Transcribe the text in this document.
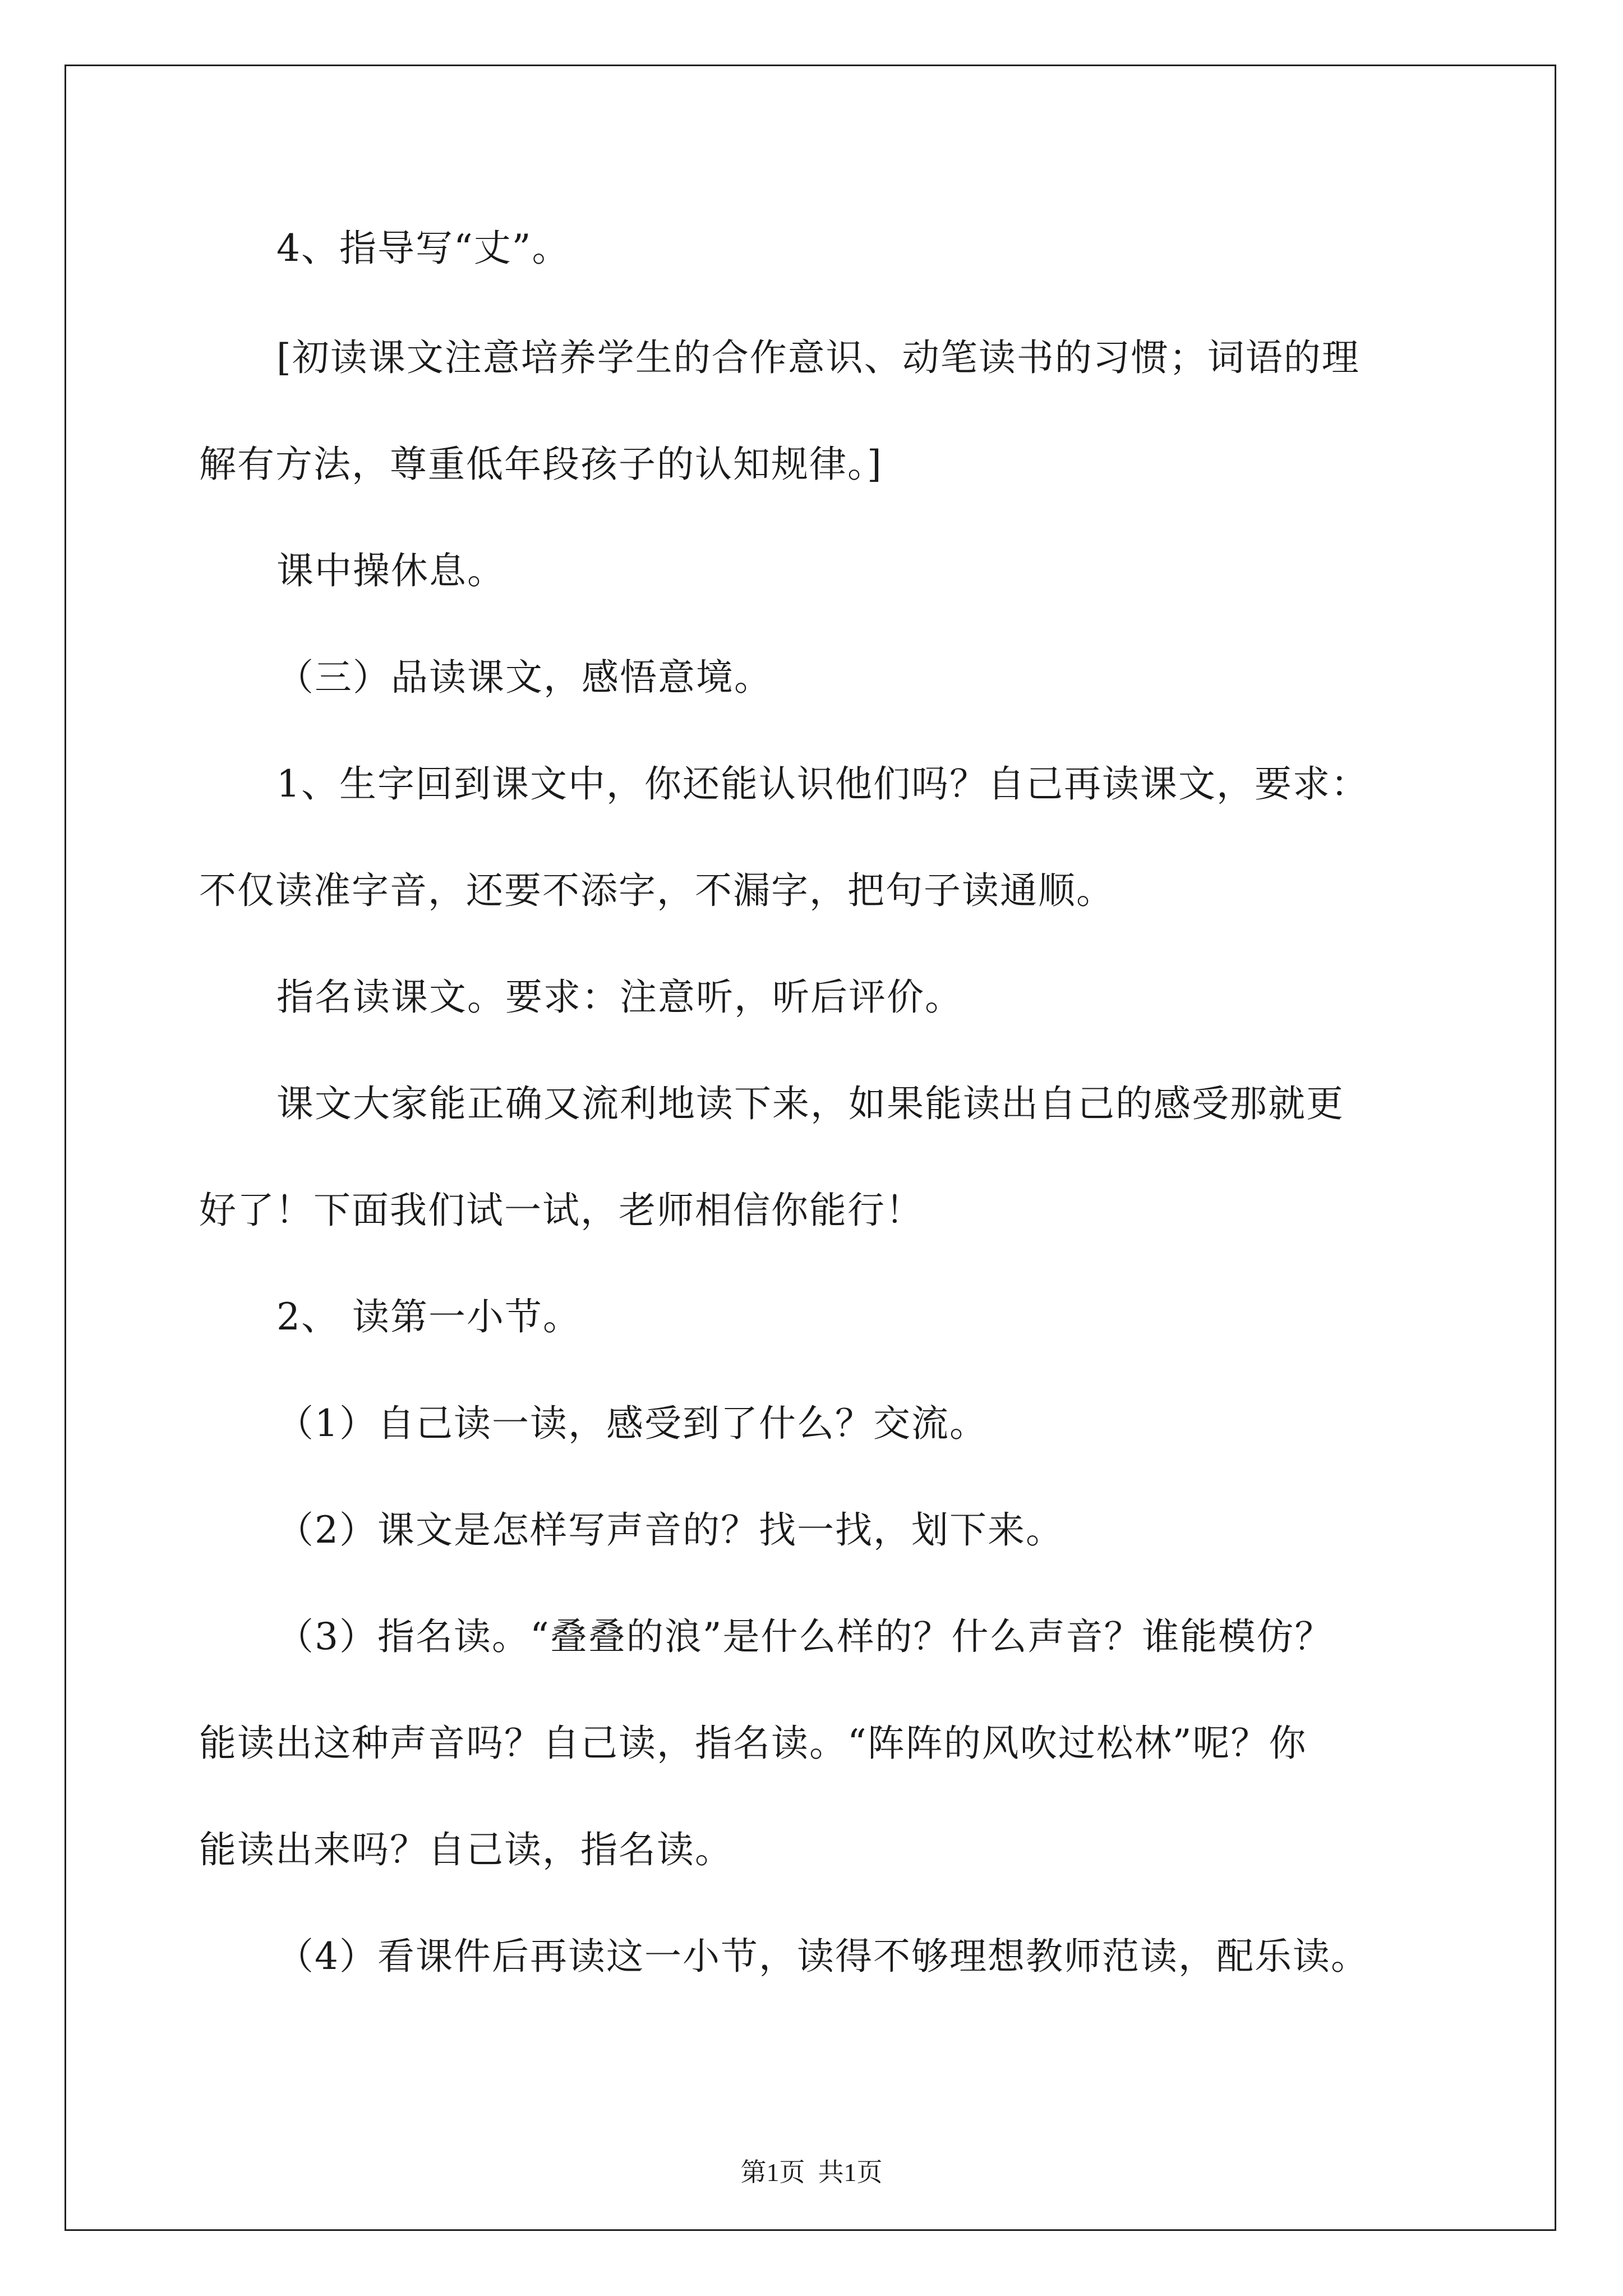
4、指导写“丈”。
[初读课文注意培养学生的合作意识、动笔读书的习惯；词语的理
解有方法，尊重低年段孩子的认知规律。]
课中操休息。
（三）品读课文，感悟意境。
1、生字回到课文中，你还能认识他们吗？自己再读课文，要求：
不仅读准字音，还要不添字，不漏字，把句子读通顺。
指名读课文。要求：注意听，听后评价。
课文大家能正确又流利地读下来，如果能读出自己的感受那就更
好了！下面我们试一试，老师相信你能行！
2、 读第一小节。
（1）自己读一读，感受到了什么？交流。
（2）课文是怎样写声音的？找一找，划下来。
（3）指名读。“叠叠的浪”是什么样的？什么声音？谁能模仿？
能读出这种声音吗？自己读，指名读。“阵阵的风吹过松林”呢？你
能读出来吗？自己读，指名读。
（4）看课件后再读这一小节，读得不够理想教师范读，配乐读。
第1页  共1页
